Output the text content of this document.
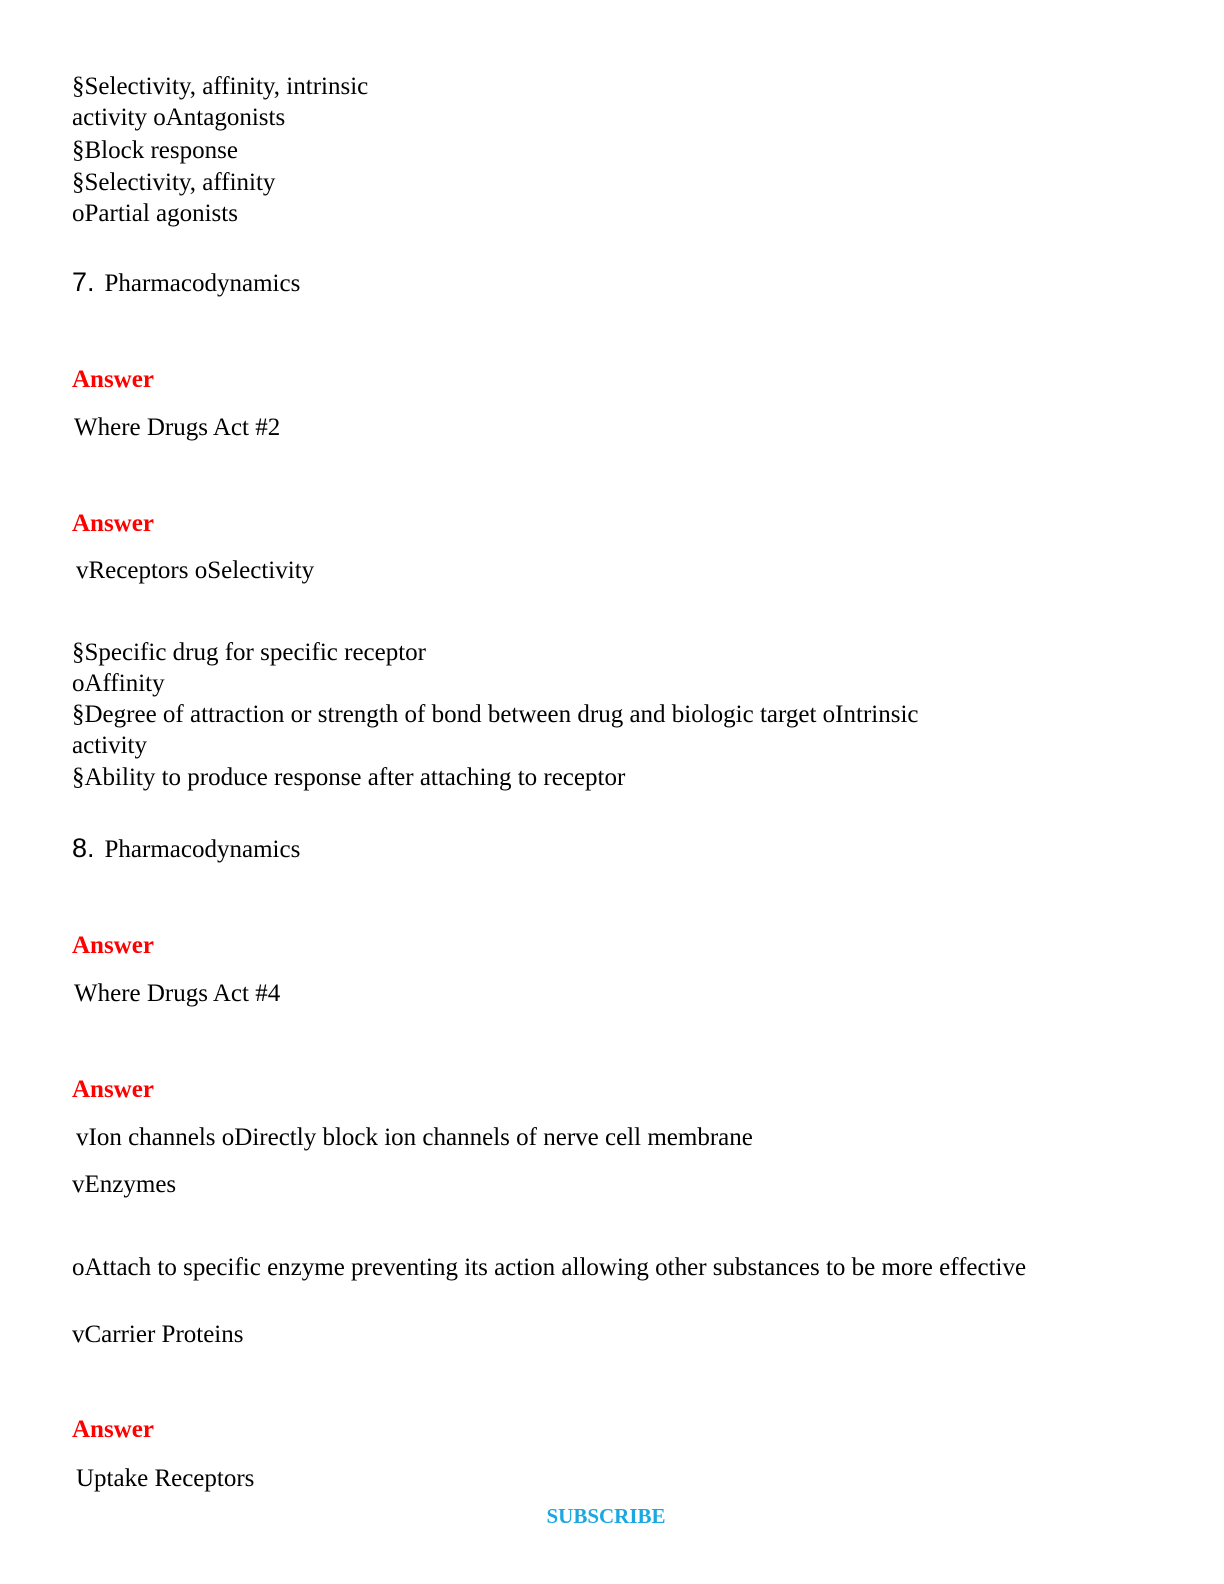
§Selectivity, affinity, intrinsic
activity oAntagonists
§Block response
§Selectivity, affinity
oPartial agonists
7. Pharmacodynamics
Answer
Where Drugs Act #2
Answer
vReceptors oSelectivity
§Specific drug for specific receptor
oAffinity
§Degree of attraction or strength of bond between drug and biologic target oIntrinsic
activity
§Ability to produce response after attaching to receptor
8. Pharmacodynamics
Answer
Where Drugs Act #4
Answer
vIon channels oDirectly block ion channels of nerve cell membrane
vEnzymes
oAttach to specific enzyme preventing its action allowing other substances to be more effective
vCarrier Proteins
Answer
Uptake Receptors
SUBSCRIBE
